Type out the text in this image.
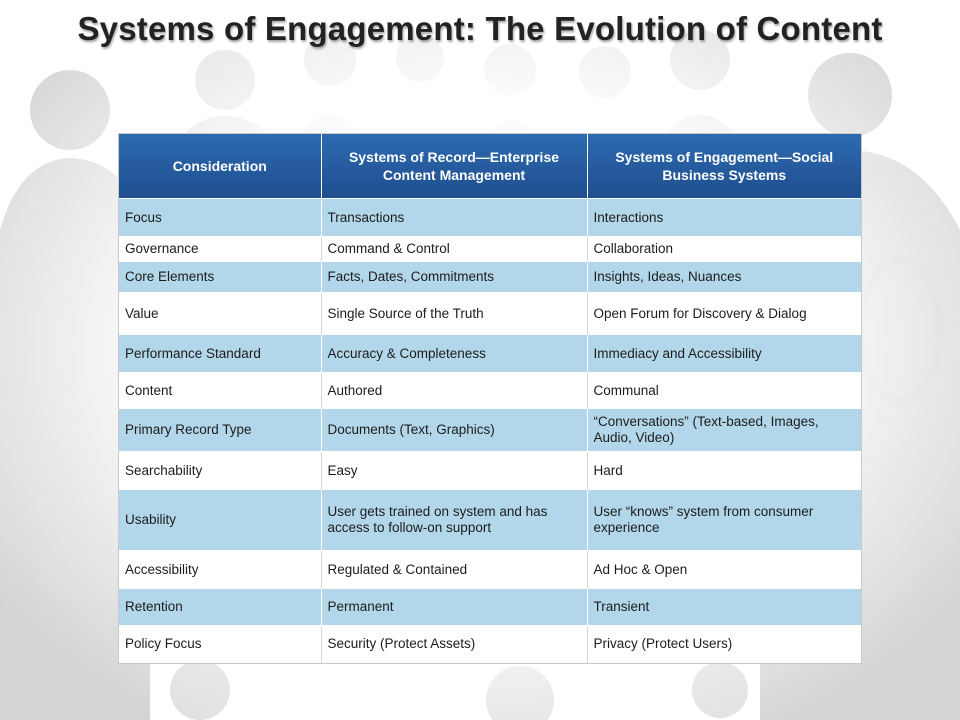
Systems of Engagement: The Evolution of Content
Consideration	Systems of Record—Enterprise Content Management	Systems of Engagement—Social Business Systems
Focus	Transactions	Interactions
Governance	Command & Control	Collaboration
Core Elements	Facts, Dates, Commitments	Insights, Ideas, Nuances
Value	Single Source of the Truth	Open Forum for Discovery & Dialog
Performance Standard	Accuracy & Completeness	Immediacy and Accessibility
Content	Authored	Communal
Primary Record Type	Documents (Text, Graphics)	“Conversations” (Text-based, Images, Audio, Video)
Searchability	Easy	Hard
Usability	User gets trained on system and has access to follow-on support	User “knows” system from consumer experience
Accessibility	Regulated & Contained	Ad Hoc & Open
Retention	Permanent	Transient
Policy Focus	Security (Protect Assets)	Privacy (Protect Users)
